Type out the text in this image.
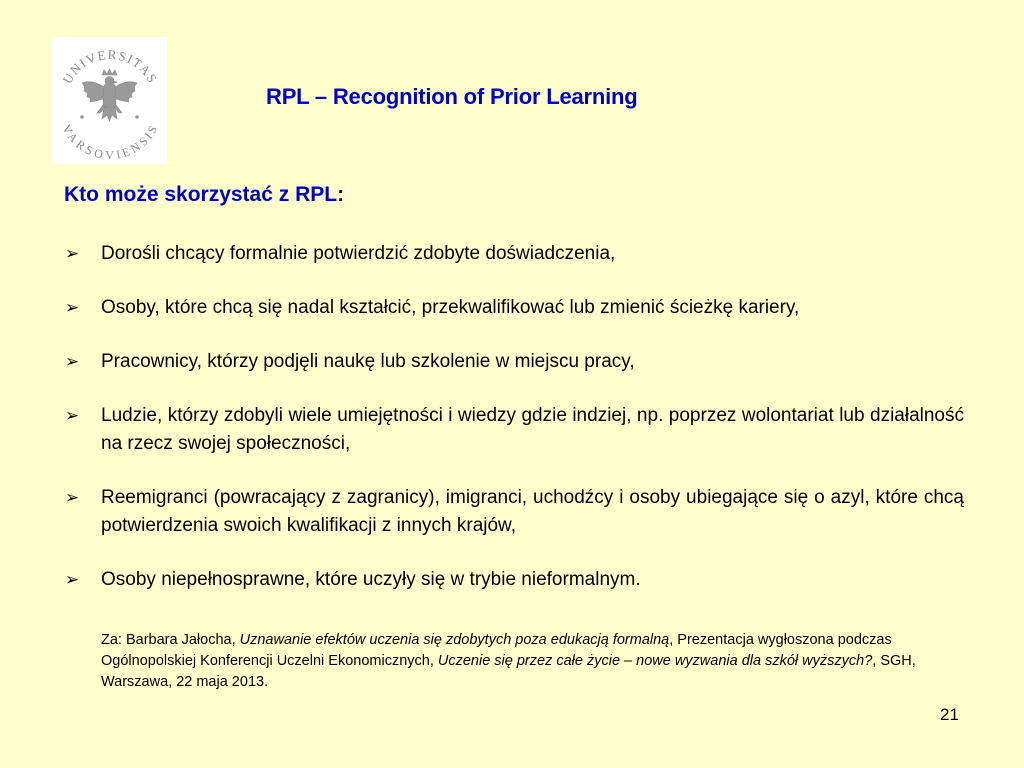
UNIVERSITAS
VARSOVIENSIS
RPL – Recognition of Prior Learning
Kto może skorzystać z RPL:
➢ Dorośli chcący formalnie potwierdzić zdobyte doświadczenia,
➢ Osoby, które chcą się nadal kształcić, przekwalifikować lub zmienić ścieżkę kariery,
➢ Pracownicy, którzy podjęli naukę lub szkolenie w miejscu pracy,
➢ Ludzie, którzy zdobyli wiele umiejętności i wiedzy gdzie indziej, np. poprzez wolontariat lub działalność na rzecz swojej społeczności,
➢ Reemigranci (powracający z zagranicy), imigranci, uchodźcy i osoby ubiegające się o azyl, które chcą potwierdzenia swoich kwalifikacji z innych krajów,
➢ Osoby niepełnosprawne, które uczyły się w trybie nieformalnym.
Za: Barbara Jałocha, Uznawanie efektów uczenia się zdobytych poza edukacją formalną, Prezentacja wygłoszona podczas Ogólnopolskiej Konferencji Uczelni Ekonomicznych, Uczenie się przez całe życie – nowe wyzwania dla szkół wyższych?, SGH, Warszawa, 22 maja 2013.
21
